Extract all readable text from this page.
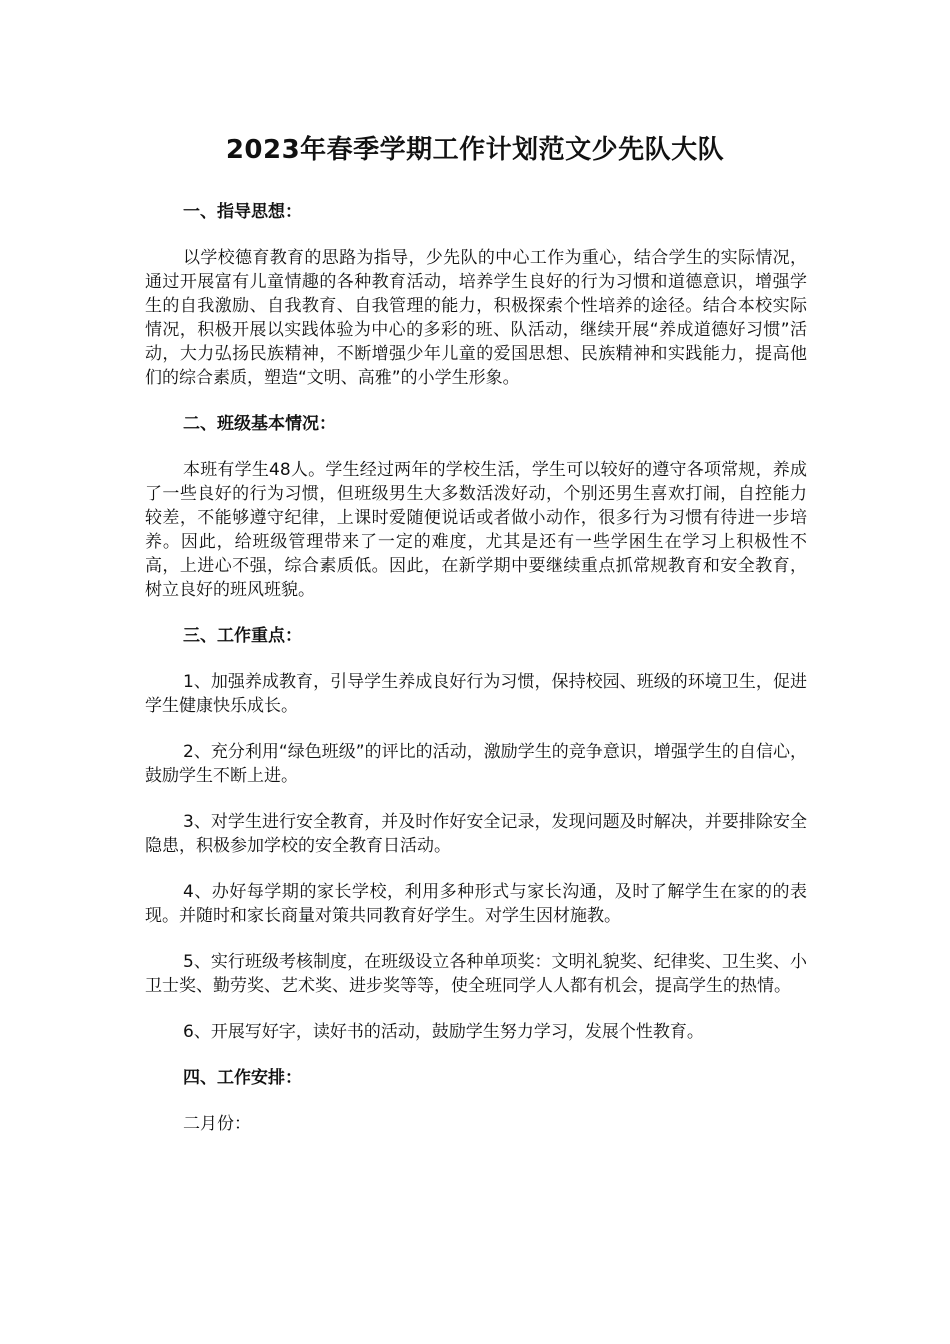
2023年春季学期工作计划范文少先队大队
一、指导思想：

以学校德育教育的思路为指导，少先队的中心工作为重心，结合学生的实际情况，通过开展富有儿童情趣的各种教育活动，培养学生良好的行为习惯和道德意识，增强学生的自我激励、自我教育、自我管理的能力，积极探索个性培养的途径。结合本校实际情况，积极开展以实践体验为中心的多彩的班、队活动，继续开展“养成道德好习惯”活动，大力弘扬民族精神，不断增强少年儿童的爱国思想、民族精神和实践能力，提高他们的综合素质，塑造“文明、高雅”的小学生形象。

二、班级基本情况：

本班有学生48人。学生经过两年的学校生活，学生可以较好的遵守各项常规，养成了一些良好的行为习惯，但班级男生大多数活泼好动，个别还男生喜欢打闹，自控能力较差，不能够遵守纪律，上课时爱随便说话或者做小动作，很多行为习惯有待进一步培养。因此，给班级管理带来了一定的难度，尤其是还有一些学困生在学习上积极性不高，上进心不强，综合素质低。因此，在新学期中要继续重点抓常规教育和安全教育，树立良好的班风班貌。

三、工作重点：

1、加强养成教育，引导学生养成良好行为习惯，保持校园、班级的环境卫生，促进学生健康快乐成长。

2、充分利用“绿色班级”的评比的活动，激励学生的竞争意识，增强学生的自信心，鼓励学生不断上进。

3、对学生进行安全教育，并及时作好安全记录，发现问题及时解决，并要排除安全隐患，积极参加学校的安全教育日活动。

4、办好每学期的家长学校，利用多种形式与家长沟通，及时了解学生在家的的表现。并随时和家长商量对策共同教育好学生。对学生因材施教。

5、实行班级考核制度，在班级设立各种单项奖：文明礼貌奖、纪律奖、卫生奖、小卫士奖、勤劳奖、艺术奖、进步奖等等，使全班同学人人都有机会，提高学生的热情。

6、开展写好字，读好书的活动，鼓励学生努力学习，发展个性教育。

四、工作安排：
二月份：
